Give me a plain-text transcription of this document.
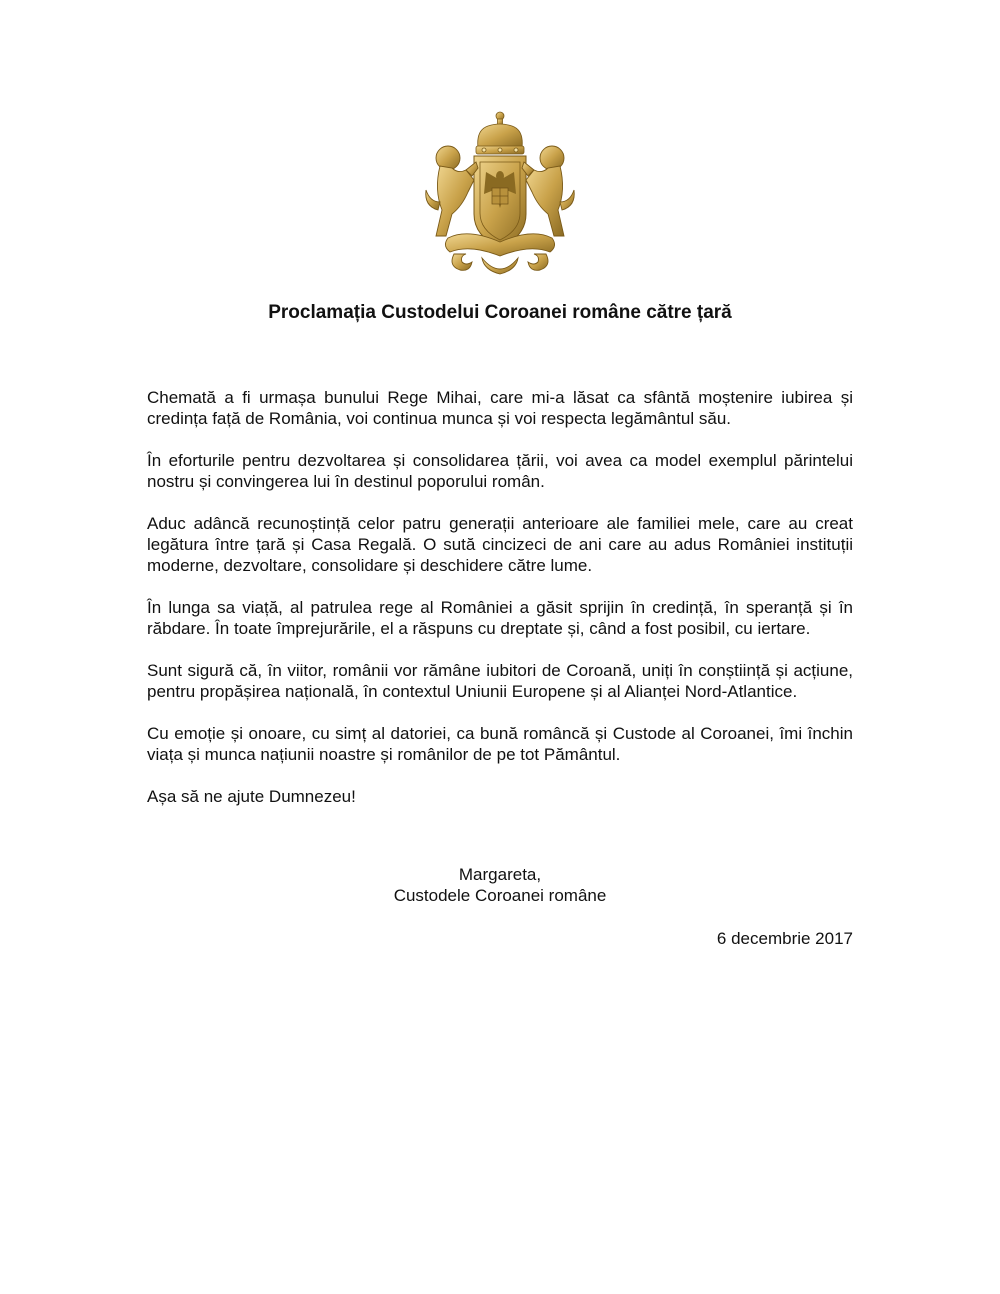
Proclamația Custodelui Coroanei române către țară

Chemată a fi urmașa bunului Rege Mihai, care mi-a lăsat ca sfântă moștenire iubirea și credința față de România, voi continua munca și voi respecta legământul său.

În eforturile pentru dezvoltarea și consolidarea țării, voi avea ca model exemplul părintelui nostru și convingerea lui în destinul poporului român.

Aduc adâncă recunoștință celor patru generații anterioare ale familiei mele, care au creat legătura între țară și Casa Regală. O sută cincizeci de ani care au adus României instituții moderne, dezvoltare, consolidare și deschidere către lume.

În lunga sa viață, al patrulea rege al României a găsit sprijin în credință, în speranță și în răbdare. În toate împrejurările, el a răspuns cu dreptate și, când a fost posibil, cu iertare.

Sunt sigură că, în viitor, românii vor rămâne iubitori de Coroană, uniți în conștiință și acțiune, pentru propășirea națională, în contextul Uniunii Europene și al Alianței Nord-Atlantice.

Cu emoție și onoare, cu simț al datoriei, ca bună româncă și Custode al Coroanei, îmi închin viața și munca națiunii noastre și românilor de pe tot Pământul.

Așa să ne ajute Dumnezeu!

Margareta,
Custodele Coroanei române
6 decembrie 2017
